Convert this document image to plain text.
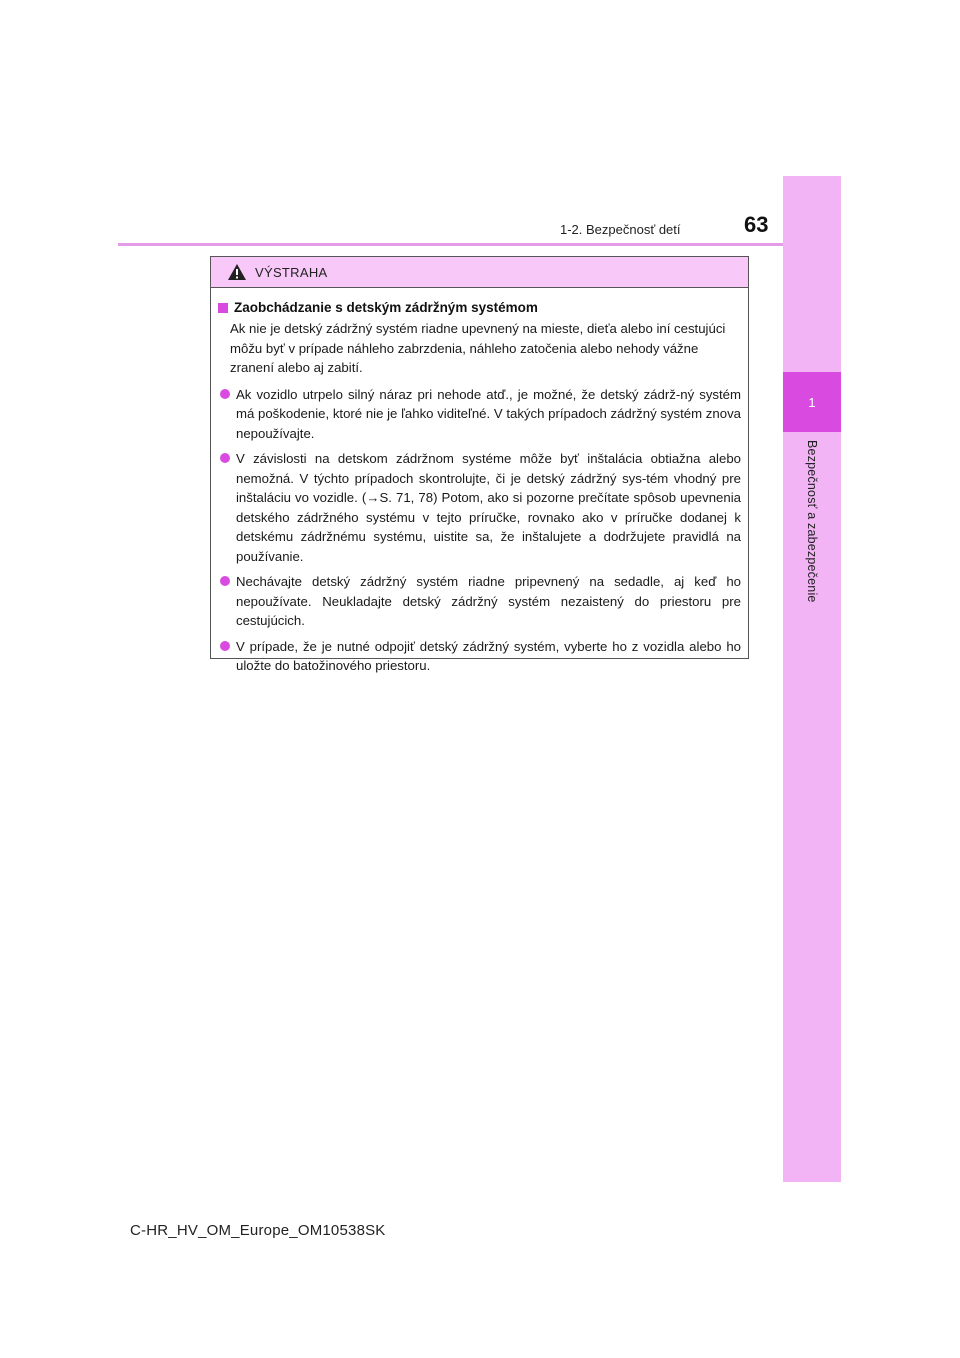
1
Bezpečnosť a zabezpečenie
1-2. Bezpečnosť detí	63
VÝSTRAHA
Zaobchádzanie s detským zádržným systémom

Ak nie je detský zádržný systém riadne upevnený na mieste, dieťa alebo iní cestujúci môžu byť v prípade náhleho zabrzdenia, náhleho zatočenia alebo nehody vážne zranení alebo aj zabití.

Ak vozidlo utrpelo silný náraz pri nehode atď., je možné, že detský zádrž-ný systém má poškodenie, ktoré nie je ľahko viditeľné. V takých prípadoch zádržný systém znova nepoužívajte.
V závislosti na detskom zádržnom systéme môže byť inštalácia obtiažna alebo nemožná. V týchto prípadoch skontrolujte, či je detský zádržný sys-tém vhodný pre inštaláciu vo vozidle. (→S. 71, 78) Potom, ako si pozorne prečítate spôsob upevnenia detského zádržného systému v tejto príručke, rovnako ako v príručke dodanej k detskému zádržnému systému, uistite sa, že inštalujete a dodržujete pravidlá na používanie.
Nechávajte detský zádržný systém riadne pripevnený na sedadle, aj keď ho nepoužívate. Neukladajte detský zádržný systém nezaistený do priestoru pre cestujúcich.
V prípade, že je nutné odpojiť detský zádržný systém, vyberte ho z vozidla alebo ho uložte do batožinového priestoru.
C-HR_HV_OM_Europe_OM10538SK
